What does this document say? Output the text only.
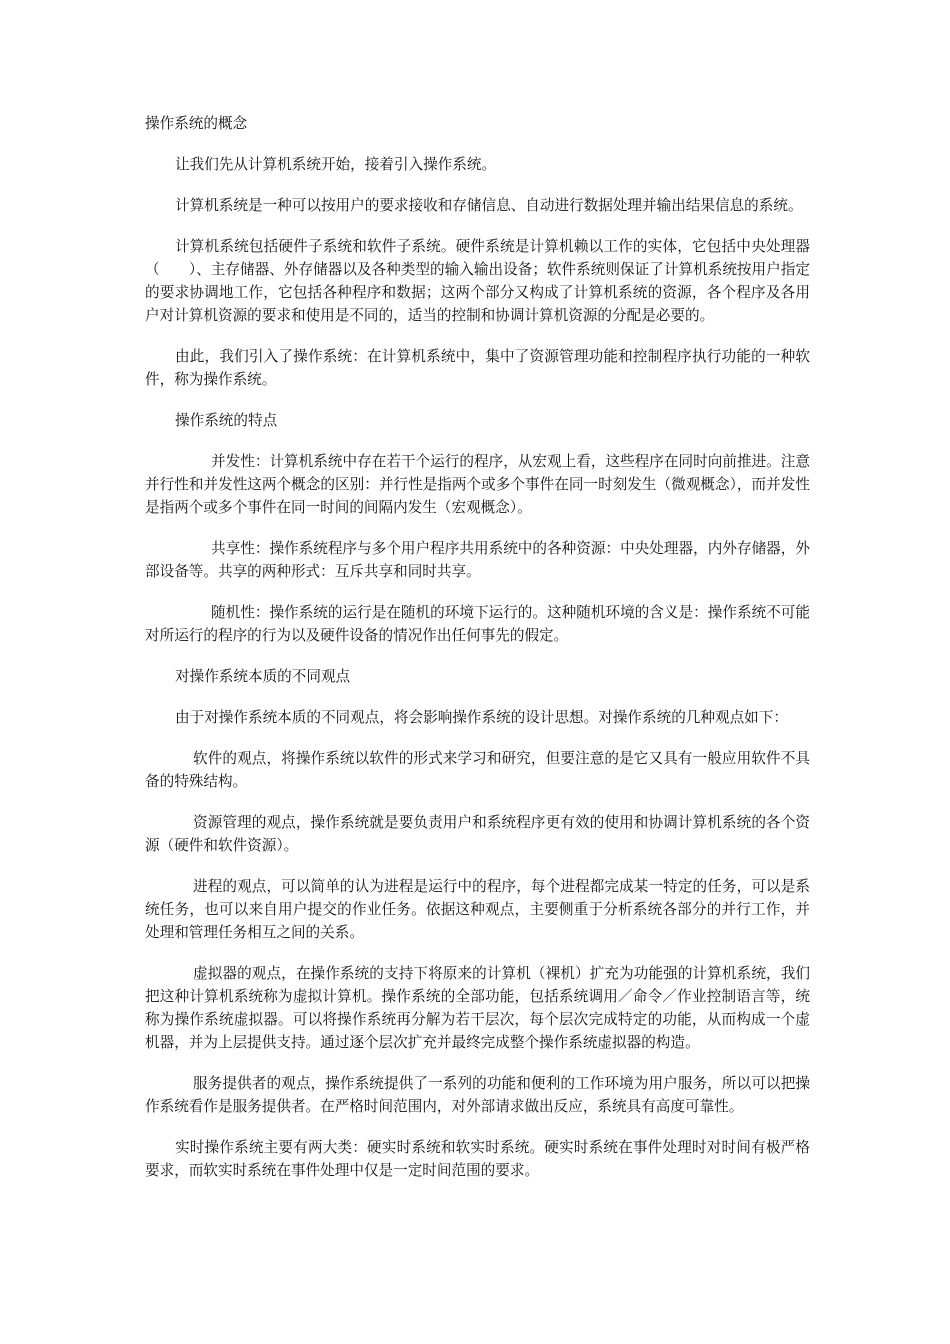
操作系统的概念

让我们先从计算机系统开始，接着引入操作系统。

计算机系统是一种可以按用户的要求接收和存储信息、自动进行数据处理并输出结果信息的系统。

计算机系统包括硬件子系统和软件子系统。硬件系统是计算机赖以工作的实体，它包括中央处理器（　　）、主存储器、外存储器以及各种类型的输入输出设备；软件系统则保证了计算机系统按用户指定的要求协调地工作，它包括各种程序和数据；这两个部分又构成了计算机系统的资源，各个程序及各用户对计算机资源的要求和使用是不同的，适当的控制和协调计算机资源的分配是必要的。

由此，我们引入了操作系统：在计算机系统中，集中了资源管理功能和控制程序执行功能的一种软件，称为操作系统。

操作系统的特点

并发性：计算机系统中存在若干个运行的程序，从宏观上看，这些程序在同时向前推进。注意并行性和并发性这两个概念的区别：并行性是指两个或多个事件在同一时刻发生（微观概念），而并发性是指两个或多个事件在同一时间的间隔内发生（宏观概念）。

共享性：操作系统程序与多个用户程序共用系统中的各种资源：中央处理器，内外存储器，外部设备等。共享的两种形式：互斥共享和同时共享。

随机性：操作系统的运行是在随机的环境下运行的。这种随机环境的含义是：操作系统不可能对所运行的程序的行为以及硬件设备的情况作出任何事先的假定。

对操作系统本质的不同观点

由于对操作系统本质的不同观点，将会影响操作系统的设计思想。对操作系统的几种观点如下：

软件的观点，将操作系统以软件的形式来学习和研究，但要注意的是它又具有一般应用软件不具备的特殊结构。

资源管理的观点，操作系统就是要负责用户和系统程序更有效的使用和协调计算机系统的各个资源（硬件和软件资源）。

进程的观点，可以简单的认为进程是运行中的程序，每个进程都完成某一特定的任务，可以是系统任务，也可以来自用户提交的作业任务。依据这种观点，主要侧重于分析系统各部分的并行工作，并处理和管理任务相互之间的关系。

虚拟器的观点，在操作系统的支持下将原来的计算机（裸机）扩充为功能强的计算机系统，我们把这种计算机系统称为虚拟计算机。操作系统的全部功能，包括系统调用／命令／作业控制语言等，统称为操作系统虚拟器。可以将操作系统再分解为若干层次，每个层次完成特定的功能，从而构成一个虚机器，并为上层提供支持。通过逐个层次扩充并最终完成整个操作系统虚拟器的构造。

服务提供者的观点，操作系统提供了一系列的功能和便利的工作环境为用户服务，所以可以把操作系统看作是服务提供者。在严格时间范围内，对外部请求做出反应，系统具有高度可靠性。

实时操作系统主要有两大类：硬实时系统和软实时系统。硬实时系统在事件处理时对时间有极严格要求，而软实时系统在事件处理中仅是一定时间范围的要求。
